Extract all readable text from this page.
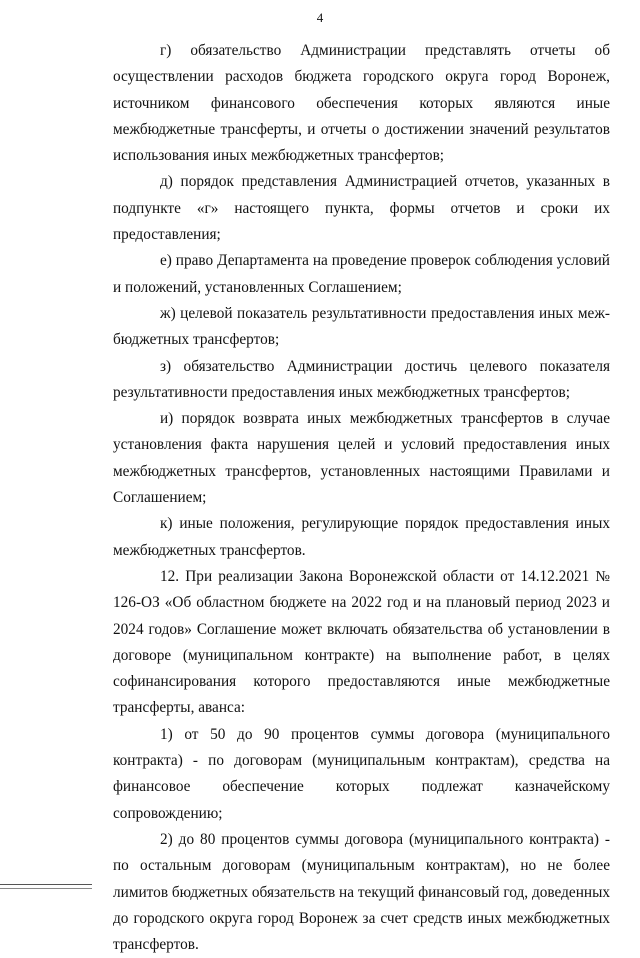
4

г) обязательство Администрации представлять отчеты об осуществлении расходов бюджета городского округа город Воронеж, источником финансового обеспечения которых являются иные межбюджетные трансферты, и отчеты о достижении значений результатов использования иных межбюджетных трансфертов;

д) порядок представления Администрацией отчетов, указанных в подпункте «г» настоящего пункта, формы отчетов и сроки их предоставления;

е) право Департамента на проведение проверок соблюдения условий и положений, установленных Соглашением;

ж) целевой показатель результативности предоставления иных межбюджетных трансфертов;

з) обязательство Администрации достичь целевого показателя результативности предоставления иных межбюджетных трансфертов;

и) порядок возврата иных межбюджетных трансфертов в случае установления факта нарушения целей и условий предоставления иных межбюджетных трансфертов, установленных настоящими Правилами и Соглашением;

к) иные положения, регулирующие порядок предоставления иных межбюджетных трансфертов.

12. При реализации Закона Воронежской области от 14.12.2021 № 126-ОЗ «Об областном бюджете на 2022 год и на плановый период 2023 и 2024 годов» Соглашение может включать обязательства об установлении в договоре (муниципальном контракте) на выполнение работ, в целях софинансирования которого предоставляются иные межбюджетные трансферты, аванса:

1) от 50 до 90 процентов суммы договора (муниципального контракта) - по договорам (муниципальным контрактам), средства на финансовое обеспечение которых подлежат казначейскому сопровождению;

2) до 80 процентов суммы договора (муниципального контракта) - по остальным договорам (муниципальным контрактам), но не более лимитов бюджетных обязательств на текущий финансовый год, доведенных до городского округа город Воронеж за счет средств иных межбюджетных трансфертов.
